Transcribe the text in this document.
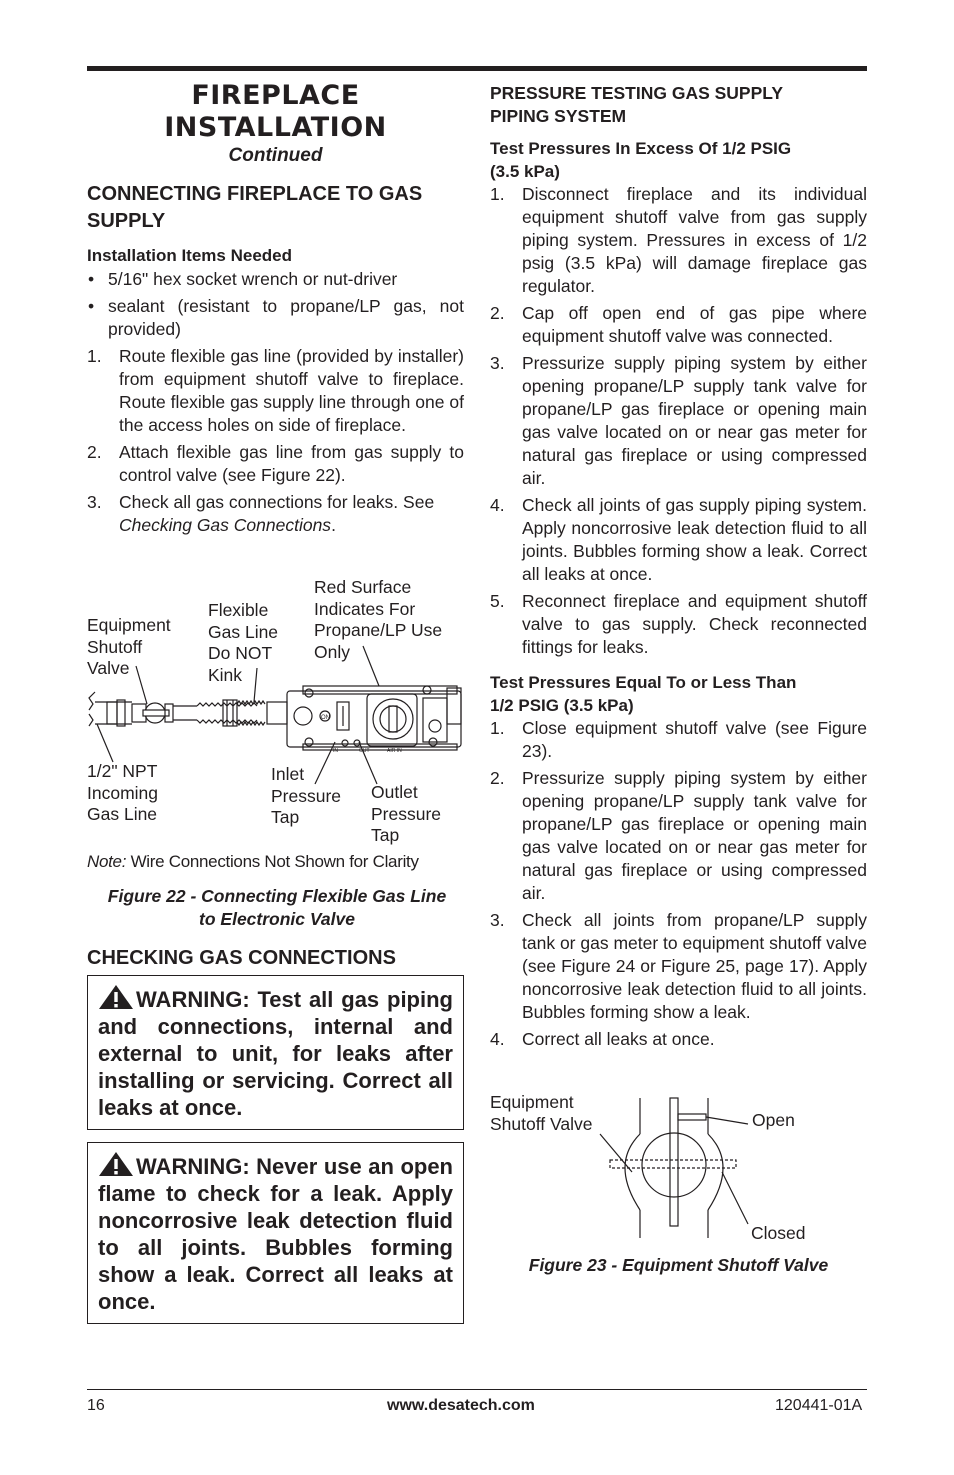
FIREPLACE
INSTALLATION
Continued
CONNECTING FIREPLACE TO GAS
SUPPLY
Installation Items Needed
• 5/16" hex socket wrench or nut-driver
• sealant (resistant to propane/LP gas, not provided)
1. Route flexible gas line (provided by installer) from equipment shutoff valve to fireplace. Route flexible gas supply line through one of the access holes on side of fireplace.
2. Attach flexible gas line from gas supply to control valve (see Figure 22).
3. Check all gas connections for leaks. See Checking Gas Connections.
Equipment
Shutoff
Valve
Flexible
Gas Line
Do NOT
Kink
Red Surface
Indicates For
Propane/LP Use
Only
1/2" NPT
Incoming
Gas Line
Inlet
Pressure
Tap
Outlet
Pressure
Tap
ON
IN	OUT	AIR IN
Note: Wire Connections Not Shown for Clarity
Figure 22 - Connecting Flexible Gas Line
to Electronic Valve
CHECKING GAS CONNECTIONS
WARNING: Test all gas piping and connections, internal and external to unit, for leaks after installing or servicing. Correct all leaks at once.
WARNING: Never use an open flame to check for a leak. Apply noncorrosive leak detection fluid to all joints. Bubbles forming show a leak. Correct all leaks at once.
PRESSURE TESTING GAS SUPPLY
PIPING SYSTEM
Test Pressures In Excess Of 1/2 PSIG
(3.5 kPa)
1. Disconnect fireplace and its individual equipment shutoff valve from gas supply piping system. Pressures in excess of 1/2 psig (3.5 kPa) will damage fireplace gas regulator.
2. Cap off open end of gas pipe where equipment shutoff valve was connected.
3. Pressurize supply piping system by either opening propane/LP supply tank valve for propane/LP gas fireplace or opening main gas valve located on or near gas meter for natural gas fireplace or using compressed air.
4. Check all joints of gas supply piping system. Apply noncorrosive leak detection fluid to all joints. Bubbles forming show a leak. Correct all leaks at once.
5. Reconnect fireplace and equipment shutoff valve to gas supply. Check reconnected fittings for leaks.
Test Pressures Equal To or Less Than
1/2 PSIG (3.5 kPa)
1. Close equipment shutoff valve (see Figure 23).
2. Pressurize supply piping system by either opening propane/LP supply tank valve for propane/LP gas fireplace or opening main gas valve located on or near gas meter for natural gas fireplace or using compressed air.
3. Check all joints from propane/LP supply tank or gas meter to equipment shutoff valve (see Figure 24 or Figure 25, page 17). Apply noncorrosive leak detection fluid to all joints. Bubbles forming show a leak.
4. Correct all leaks at once.
Equipment
Shutoff Valve	Open
Closed
Figure 23 - Equipment Shutoff Valve
16	www.desatech.com	120441-01A
